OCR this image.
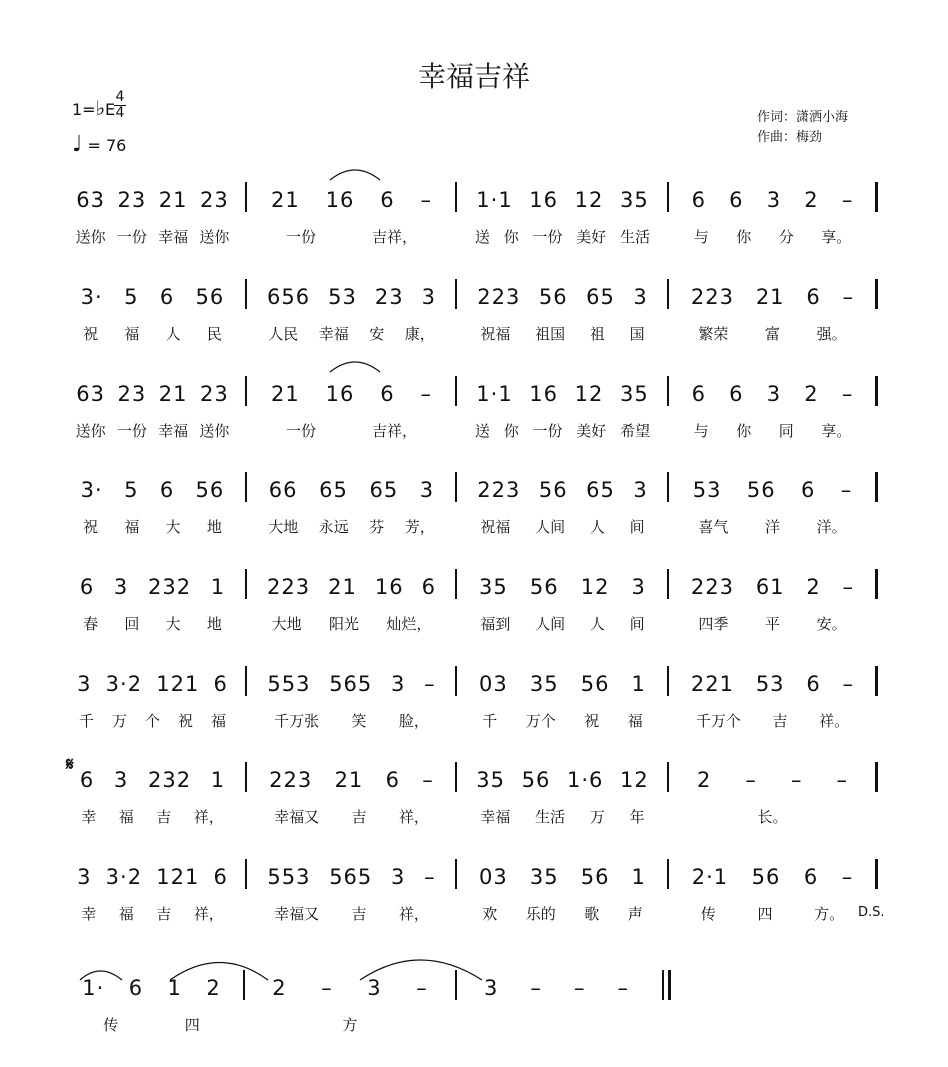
幸福吉祥
1=♭E
4
4
♩ = 76
作词：潇洒小海
作曲：梅劲
𝄋
D.S.
63 23 21 23 21 16 6 – 1·1 16 12 35 6 6 3 2 –
送你 一份 幸福 送你	一份	吉祥，	送 你 一份 美好 生活	与 你 分 享。
3· 5 6 56 656 53 23 3 223 56 65 3 223 21 6 –
祝 福 人 民	人民 幸福 安 康，	祝福 祖国 祖 国	繁荣 富 强。
63 23 21 23 21 16 6 – 1·1 16 12 35 6 6 3 2 –
送你 一份 幸福 送你	一份	吉祥，	送 你 一份 美好 希望	与 你 同 享。
3· 5 6 56 66 65 65 3 223 56 65 3 53 56 6 –
祝 福 大 地	大地 永远 芬 芳，	祝福 人间 人 间	喜气 洋 洋。
6 3 232 1 223 21 16 6 35 56 12 3 223 61 2 –
春 回 大 地	大地 阳光 灿烂，	福到 人间 人 间	四季 平 安。
3 3·2 121 6 553 565 3 – 03 35 56 1 221 53 6 –
千 万 个 祝 福	千万张 笑 脸，	千 万个 祝 福	千万个 吉 祥。
6 3 232 1 223 21 6 – 35 56 1·6 12 2 – – –
幸 福 吉 祥，	幸福又 吉 祥，	幸福 生活 万 年	长。
3 3·2 121 6 553 565 3 – 03 35 56 1 2·1 56 6 –
幸 福 吉 祥，	幸福又 吉 祥，	欢 乐的 歌 声	传	四	方。
1· 6 1 2 2 – 3 –	3 – – –
传	四	方
